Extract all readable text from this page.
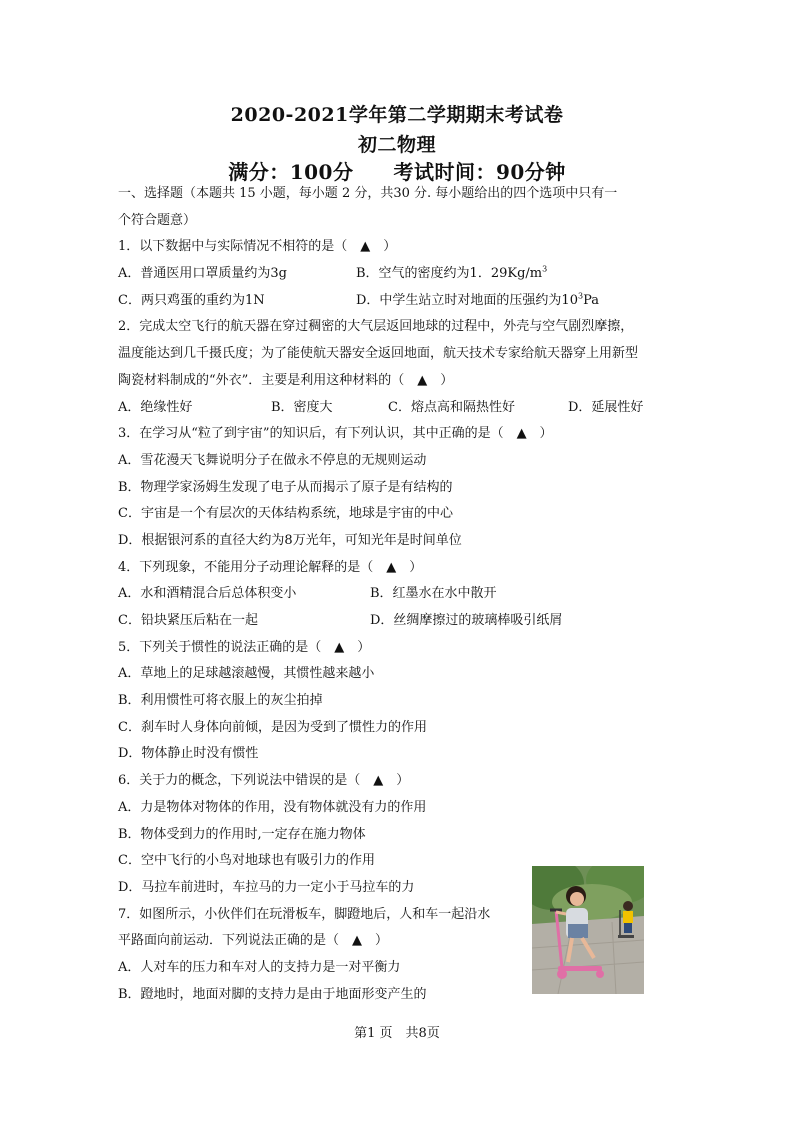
2020-2021学年第二学期期末考试卷
初二物理
满分：100分 考试时间：90分钟
一、选择题（本题共 15 小题，每小题 2 分，共30 分. 每小题给出的四个选项中只有一
个符合题意）
1．以下数据中与实际情况不相符的是（　▲　）
A．普通医用口罩质量约为3g	B．空气的密度约为1．$29Kg/m^3$
C．两只鸡蛋的重约为1N	D．中学生站立时对地面的压强约为$10^3Pa$
2．完成太空飞行的航天器在穿过稠密的大气层返回地球的过程中，外壳与空气剧烈摩擦，
温度能达到几千摄氏度；为了能使航天器安全返回地面，航天技术专家给航天器穿上用新型
陶瓷材料制成的“外衣”．主要是利用这种材料的（　▲　）
A．绝缘性好	B．密度大	C．熔点高和隔热性好	D．延展性好
3．在学习从“粒了到宇宙”的知识后，有下列认识，其中正确的是（　▲　）
A．雪花漫天飞舞说明分子在做永不停息的无规则运动
B．物理学家汤姆生发现了电子从而揭示了原子是有结构的
C．宇宙是一个有层次的天体结构系统，地球是宇宙的中心
D．根据银河系的直径大约为8万光年，可知光年是时间单位
4．下列现象，不能用分子动理论解释的是（　▲　）
A．水和酒精混合后总体积变小	B．红墨水在水中散开
C．铅块紧压后粘在一起	D．丝绸摩擦过的玻璃棒吸引纸屑
5．下列关于惯性的说法正确的是（　▲　）
A．草地上的足球越滚越慢，其惯性越来越小
B．利用惯性可将衣服上的灰尘拍掉
C．刹车时人身体向前倾，是因为受到了惯性力的作用
D．物体静止时没有惯性
6．关于力的概念，下列说法中错误的是（　▲　）
A．力是物体对物体的作用，没有物体就没有力的作用
B．物体受到力的作用时,一定存在施力物体
C．空中飞行的小鸟对地球也有吸引力的作用
D．马拉车前进时，车拉马的力一定小于马拉车的力
7．如图所示，小伙伴们在玩滑板车，脚蹬地后，人和车一起沿水
平路面向前运动．下列说法正确的是（　▲　）
A．人对车的压力和车对人的支持力是一对平衡力
B．蹬地时，地面对脚的支持力是由于地面形变产生的
第1 页　共8页
